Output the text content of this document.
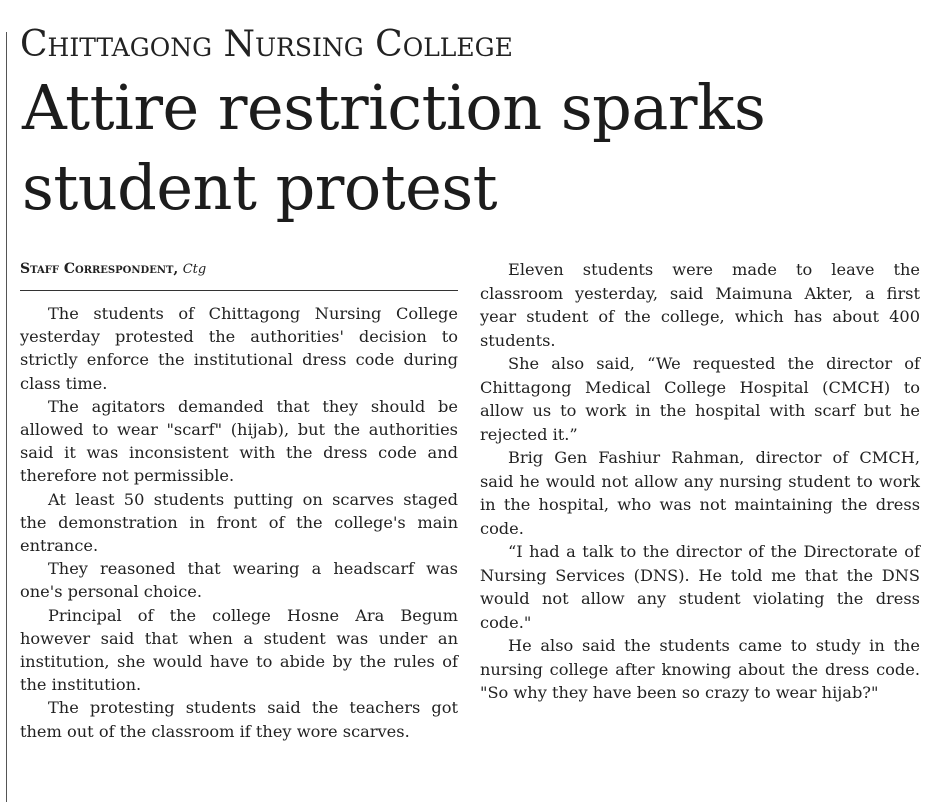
Chittagong Nursing College
Attire restriction sparks student protest
Staff Correspondent, Ctg

The students of Chittagong Nursing College yesterday protested the authorities' decision to strictly enforce the institutional dress code during class time.

The agitators demanded that they should be allowed to wear "scarf" (hijab), but the authorities said it was inconsistent with the dress code and therefore not permissible.

At least 50 students putting on scarves staged the demonstration in front of the college's main entrance.

They reasoned that wearing a headscarf was one's personal choice.

Principal of the college Hosne Ara Begum however said that when a student was under an institution, she would have to abide by the rules of the institution.

The protesting students said the teachers got them out of the classroom if they wore scarves.

Eleven students were made to leave the classroom yesterday, said Maimuna Akter, a first year student of the college, which has about 400 students.

She also said, “We requested the director of Chittagong Medical College Hospital (CMCH) to allow us to work in the hospital with scarf but he rejected it.”

Brig Gen Fashiur Rahman, director of CMCH, said he would not allow any nursing student to work in the hospital, who was not maintaining the dress code.

“I had a talk to the director of the Directorate of Nursing Services (DNS). He told me that the DNS would not allow any student violating the dress code."

He also said the students came to study in the nursing college after knowing about the dress code. "So why they have been so crazy to wear hijab?"
